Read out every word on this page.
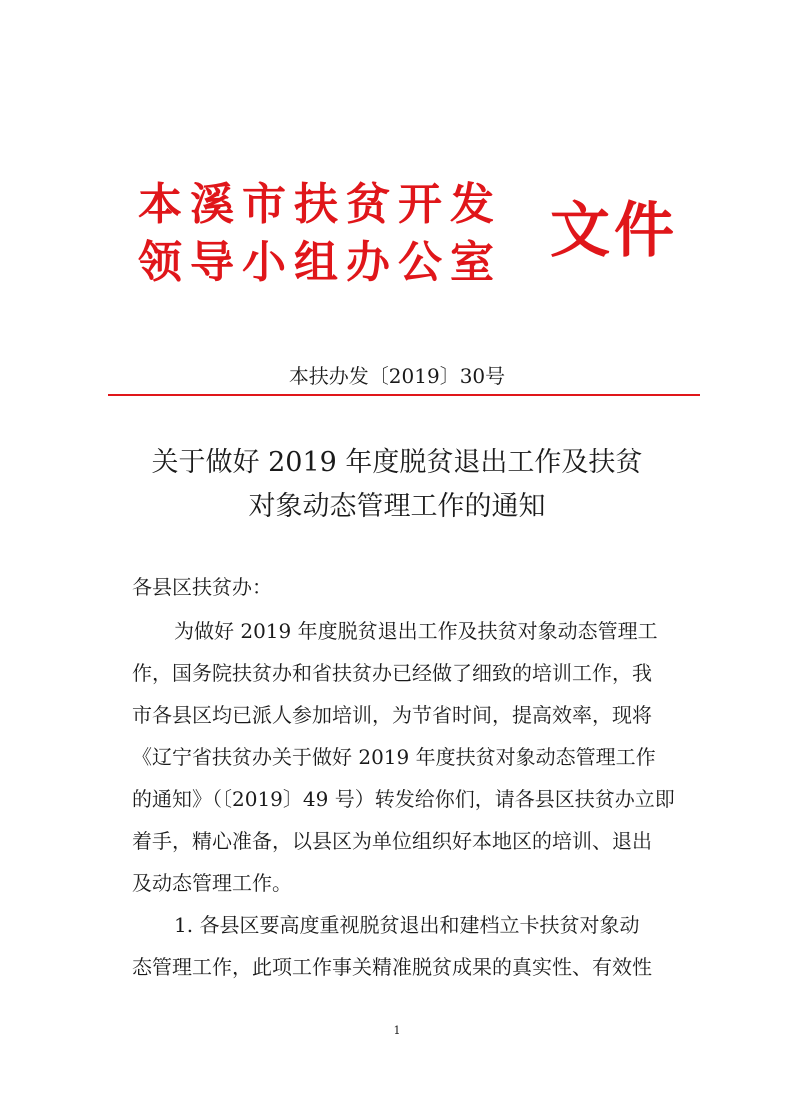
本溪市扶贫开发
领导小组办公室 文件
本扶办发〔2019〕30号
关于做好 2019 年度脱贫退出工作及扶贫
对象动态管理工作的通知
各县区扶贫办：
为做好 2019 年度脱贫退出工作及扶贫对象动态管理工
作，国务院扶贫办和省扶贫办已经做了细致的培训工作，我
市各县区均已派人参加培训，为节省时间，提高效率，现将
《辽宁省扶贫办关于做好 2019 年度扶贫对象动态管理工作
的通知》（〔2019〕49 号）转发给你们，请各县区扶贫办立即
着手，精心准备，以县区为单位组织好本地区的培训、退出
及动态管理工作。
1. 各县区要高度重视脱贫退出和建档立卡扶贫对象动
态管理工作，此项工作事关精准脱贫成果的真实性、有效性
1
